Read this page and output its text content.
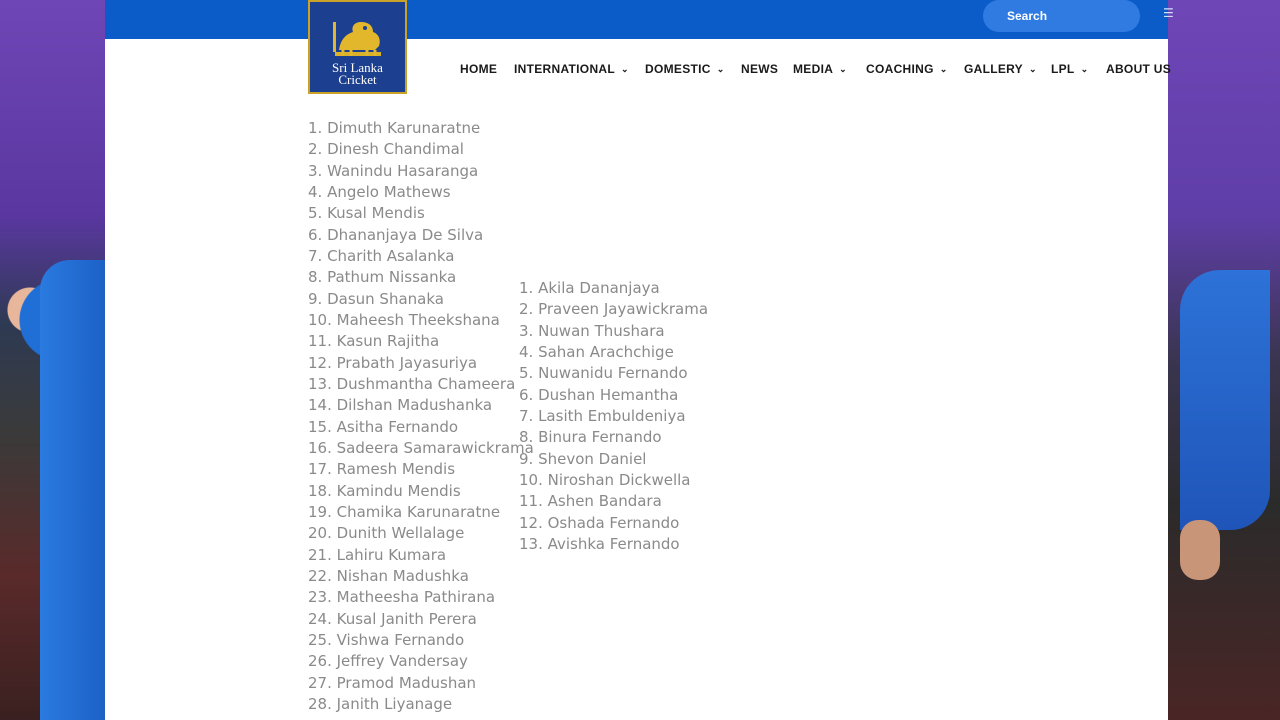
Search	☰
Sri Lanka
Cricket
HOME INTERNATIONAL ⌄ DOMESTIC ⌄ NEWS MEDIA ⌄ COACHING ⌄ GALLERY ⌄ LPL ⌄ ABOUT US
1. Dimuth Karunaratne
2. Dinesh Chandimal
3. Wanindu Hasaranga
4. Angelo Mathews
5. Kusal Mendis
6. Dhananjaya De Silva
7. Charith Asalanka
8. Pathum Nissanka
9. Dasun Shanaka
10. Maheesh Theekshana
11. Kasun Rajitha
12. Prabath Jayasuriya
13. Dushmantha Chameera
14. Dilshan Madushanka
15. Asitha Fernando
16. Sadeera Samarawickrama
17. Ramesh Mendis
18. Kamindu Mendis
19. Chamika Karunaratne
20. Dunith Wellalage
21. Lahiru Kumara
22. Nishan Madushka
23. Matheesha Pathirana
24. Kusal Janith Perera
25. Vishwa Fernando
26. Jeffrey Vandersay
27. Pramod Madushan
28. Janith Liyanage
1. Akila Dananjaya
2. Praveen Jayawickrama
3. Nuwan Thushara
4. Sahan Arachchige
5. Nuwanidu Fernando
6. Dushan Hemantha
7. Lasith Embuldeniya
8. Binura Fernando
9. Shevon Daniel
10. Niroshan Dickwella
11. Ashen Bandara
12. Oshada Fernando
13. Avishka Fernando
